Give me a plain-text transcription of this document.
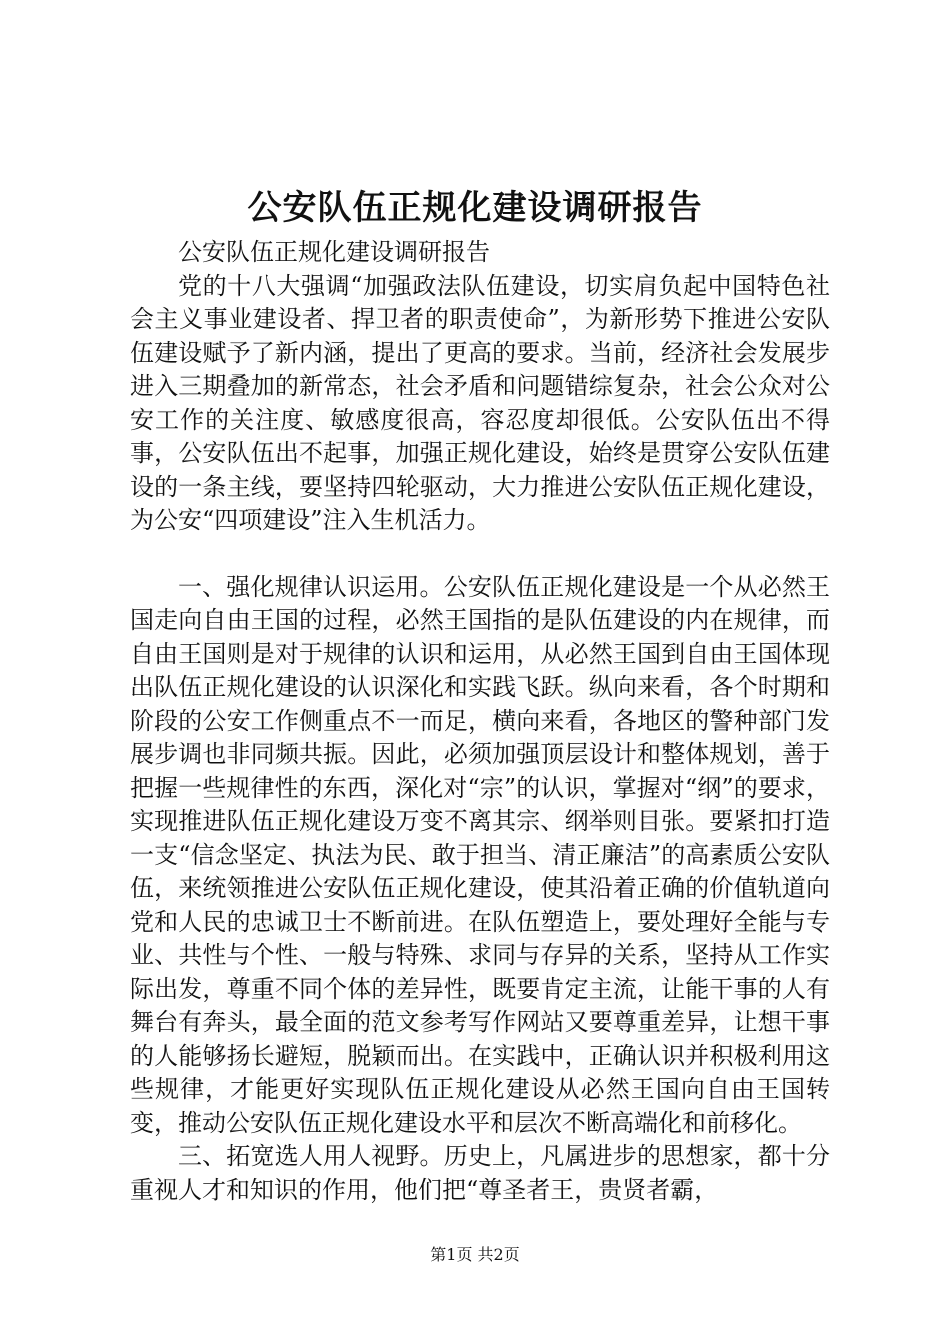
公安队伍正规化建设调研报告

公安队伍正规化建设调研报告

党的十八大强调“加强政法队伍建设，切实肩负起中国特色社会主义事业建设者、捍卫者的职责使命”，为新形势下推进公安队伍建设赋予了新内涵，提出了更高的要求。当前，经济社会发展步进入三期叠加的新常态，社会矛盾和问题错综复杂，社会公众对公安工作的关注度、敏感度很高，容忍度却很低。公安队伍出不得事，公安队伍出不起事，加强正规化建设，始终是贯穿公安队伍建设的一条主线，要坚持四轮驱动，大力推进公安队伍正规化建设，为公安“四项建设”注入生机活力。

一、强化规律认识运用。公安队伍正规化建设是一个从必然王国走向自由王国的过程，必然王国指的是队伍建设的内在规律，而自由王国则是对于规律的认识和运用，从必然王国到自由王国体现出队伍正规化建设的认识深化和实践飞跃。纵向来看，各个时期和阶段的公安工作侧重点不一而足，横向来看，各地区的警种部门发展步调也非同频共振。因此，必须加强顶层设计和整体规划，善于把握一些规律性的东西，深化对“宗”的认识，掌握对“纲”的要求，实现推进队伍正规化建设万变不离其宗、纲举则目张。要紧扣打造一支“信念坚定、执法为民、敢于担当、清正廉洁”的高素质公安队伍，来统领推进公安队伍正规化建设，使其沿着正确的价值轨道向党和人民的忠诚卫士不断前进。在队伍塑造上，要处理好全能与专业、共性与个性、一般与特殊、求同与存异的关系，坚持从工作实际出发，尊重不同个体的差异性，既要肯定主流，让能干事的人有舞台有奔头，最全面的范文参考写作网站又要尊重差异，让想干事的人能够扬长避短，脱颖而出。在实践中，正确认识并积极利用这些规律，才能更好实现队伍正规化建设从必然王国向自由王国转变，推动公安队伍正规化建设水平和层次不断高端化和前移化。

三、拓宽选人用人视野。历史上，凡属进步的思想家，都十分重视人才和知识的作用，他们把“尊圣者王，贵贤者霸，

第1页 共2页
